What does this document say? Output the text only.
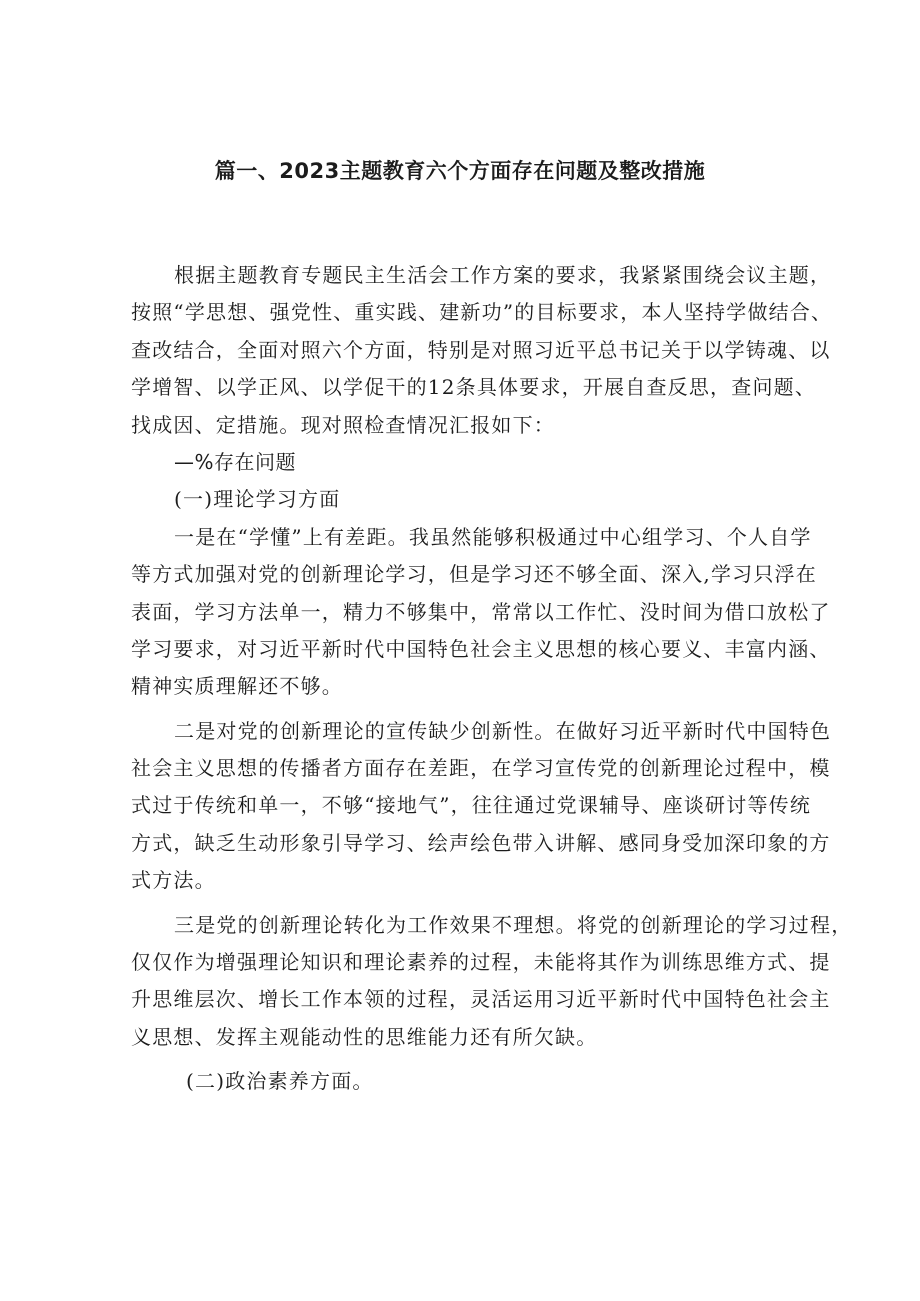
篇一、2023主题教育六个方面存在问题及整改措施
根据主题教育专题民主生活会工作方案的要求，我紧紧围绕会议主题，
按照“学思想、强党性、重实践、建新功”的目标要求，本人坚持学做结合、
查改结合，全面对照六个方面，特别是对照习近平总书记关于以学铸魂、以
学增智、以学正风、以学促干的12条具体要求，开展自查反思，查问题、
找成因、定措施。现对照检查情况汇报如下：
—%存在问题
(一)理论学习方面
一是在“学懂”上有差距。我虽然能够积极通过中心组学习、个人自学
等方式加强对党的创新理论学习，但是学习还不够全面、深入,学习只浮在
表面，学习方法单一，精力不够集中，常常以工作忙、没时间为借口放松了
学习要求，对习近平新时代中国特色社会主义思想的核心要义、丰富内涵、
精神实质理解还不够。
二是对党的创新理论的宣传缺少创新性。在做好习近平新时代中国特色
社会主义思想的传播者方面存在差距，在学习宣传党的创新理论过程中，模
式过于传统和单一，不够“接地气”，往往通过党课辅导、座谈研讨等传统
方式，缺乏生动形象引导学习、绘声绘色带入讲解、感同身受加深印象的方
式方法。
三是党的创新理论转化为工作效果不理想。将党的创新理论的学习过程，
仅仅作为增强理论知识和理论素养的过程，未能将其作为训练思维方式、提
升思维层次、增长工作本领的过程，灵活运用习近平新时代中国特色社会主
义思想、发挥主观能动性的思维能力还有所欠缺。
(二)政治素养方面。
